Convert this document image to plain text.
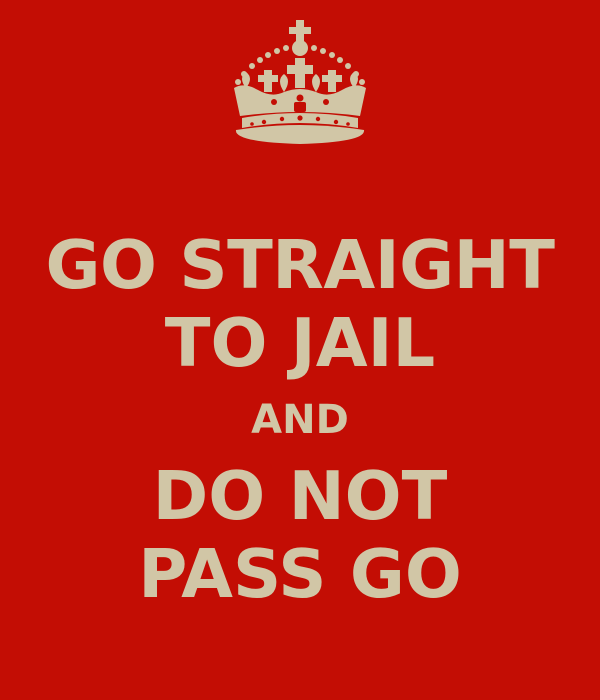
GO STRAIGHT
TO JAIL
AND
DO NOT
PASS GO
